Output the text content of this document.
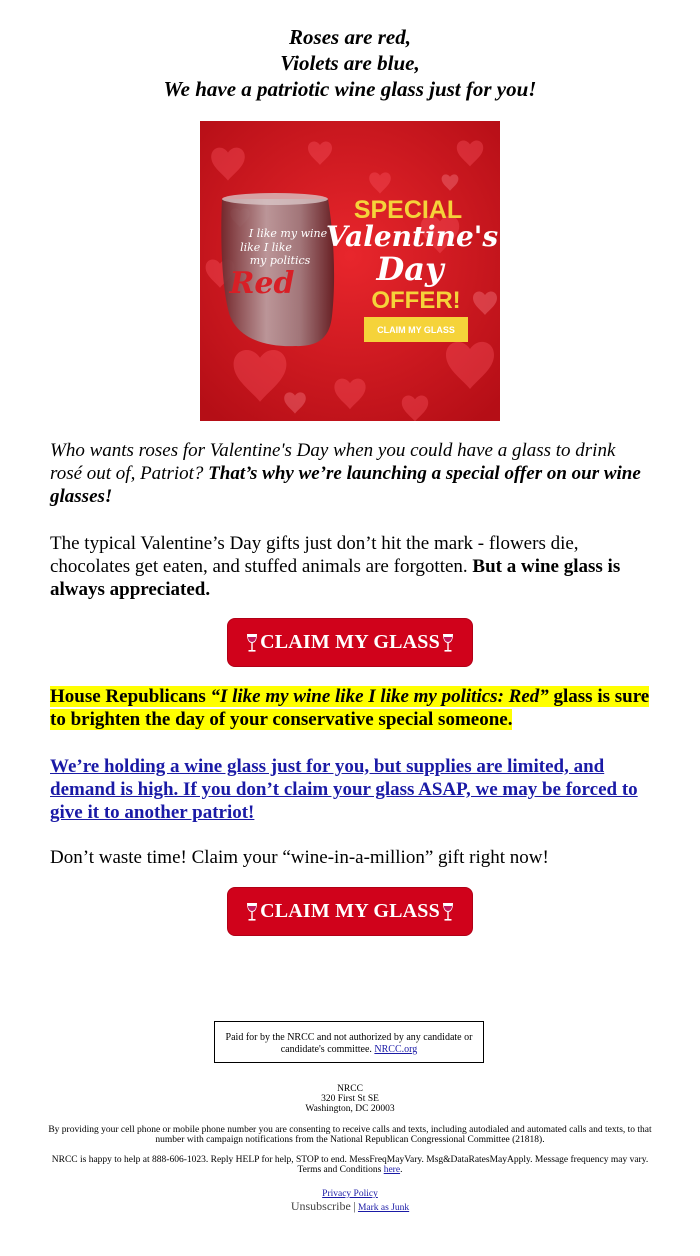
Roses are red,
Violets are blue,
We have a patriotic wine glass just for you!
I like my wine
like I like
my politics
Red
SPECIAL
Valentine's
Day
OFFER!
CLAIM MY GLASS
Who wants roses for Valentine's Day when you could have a glass to drink rosé out of, Patriot? That’s why we’re launching a special offer on our wine glasses!
The typical Valentine’s Day gifts just don’t hit the mark - flowers die, chocolates get eaten, and stuffed animals are forgotten. But a wine glass is always appreciated.
CLAIM MY GLASS
House Republicans “I like my wine like I like my politics: Red” glass is sure to brighten the day of your conservative special someone.
We’re holding a wine glass just for you, but supplies are limited, and demand is high. If you don’t claim your glass ASAP, we may be forced to give it to another patriot!
Don’t waste time! Claim your “wine-in-a-million” gift right now!
CLAIM MY GLASS
Paid for by the NRCC and not authorized by any candidate or candidate's committee. NRCC.org
NRCC
320 First St SE
Washington, DC 20003
By providing your cell phone or mobile phone number you are consenting to receive calls and texts, including autodialed and automated calls and texts, to that number with campaign notifications from the National Republican Congressional Committee (21818).
NRCC is happy to help at 888-606-1023. Reply HELP for help, STOP to end. MessFreqMayVary. Msg&DataRatesMayApply. Message frequency may vary. Terms and Conditions here.
Privacy Policy
Unsubscribe | Mark as Junk
